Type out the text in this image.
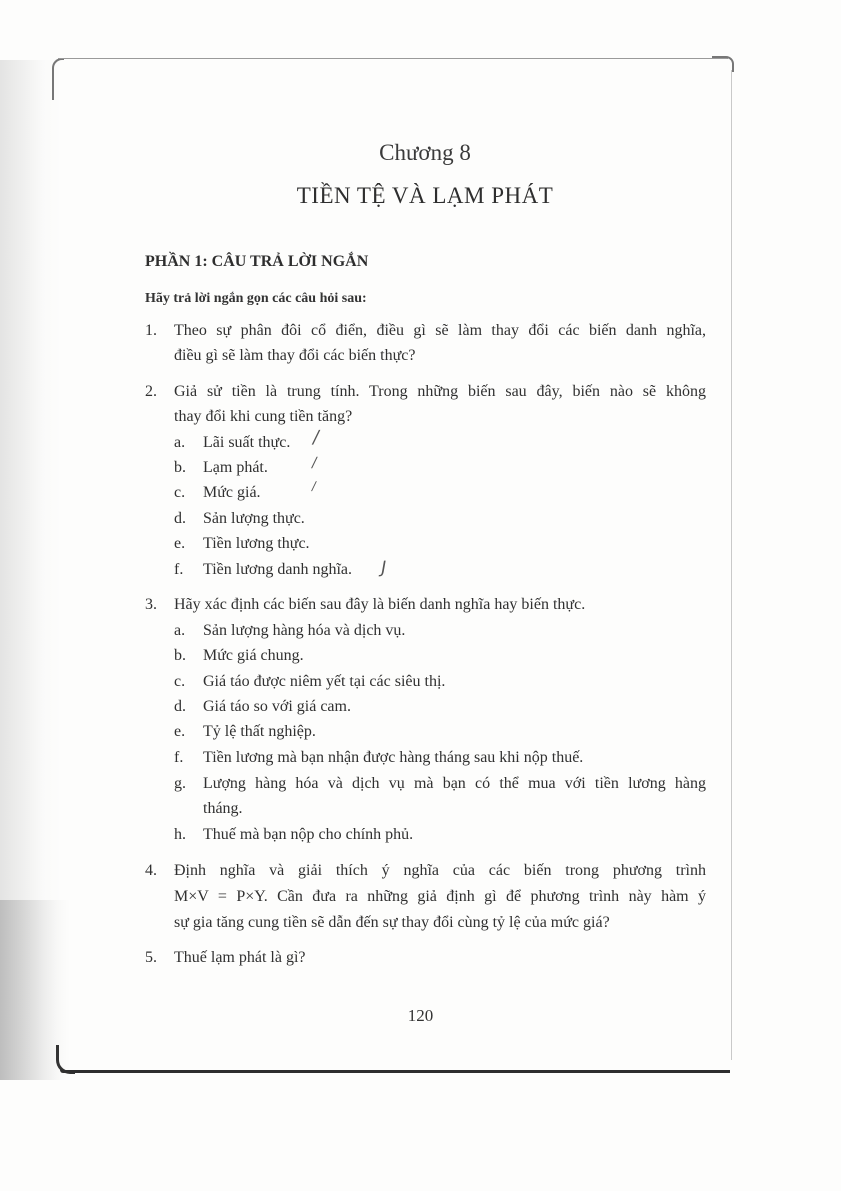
Chương 8
TIỀN TỆ VÀ LẠM PHÁT
PHẦN 1: CÂU TRẢ LỜI NGẮN
Hãy trả lời ngắn gọn các câu hỏi sau:
1. Theo sự phân đôi cổ điển, điều gì sẽ làm thay đổi các biến danh nghĩa,
điều gì sẽ làm thay đổi các biến thực?
2. Giả sử tiền là trung tính. Trong những biến sau đây, biến nào sẽ không
thay đổi khi cung tiền tăng?
a. Lãi suất thực.
b. Lạm phát.
c. Mức giá.
d. Sản lượng thực.
e. Tiền lương thực.
f. Tiền lương danh nghĩa.
/
/
/
J
3. Hãy xác định các biến sau đây là biến danh nghĩa hay biến thực.
a. Sản lượng hàng hóa và dịch vụ.
b. Mức giá chung.
c. Giá táo được niêm yết tại các siêu thị.
d. Giá táo so với giá cam.
e. Tỷ lệ thất nghiệp.
f. Tiền lương mà bạn nhận được hàng tháng sau khi nộp thuế.
g. Lượng hàng hóa và dịch vụ mà bạn có thể mua với tiền lương hàng
tháng.
h. Thuế mà bạn nộp cho chính phủ.
4. Định nghĩa và giải thích ý nghĩa của các biến trong phương trình
M×V = P×Y. Cần đưa ra những giả định gì để phương trình này hàm ý
sự gia tăng cung tiền sẽ dẫn đến sự thay đổi cùng tỷ lệ của mức giá?
5. Thuế lạm phát là gì?
120
